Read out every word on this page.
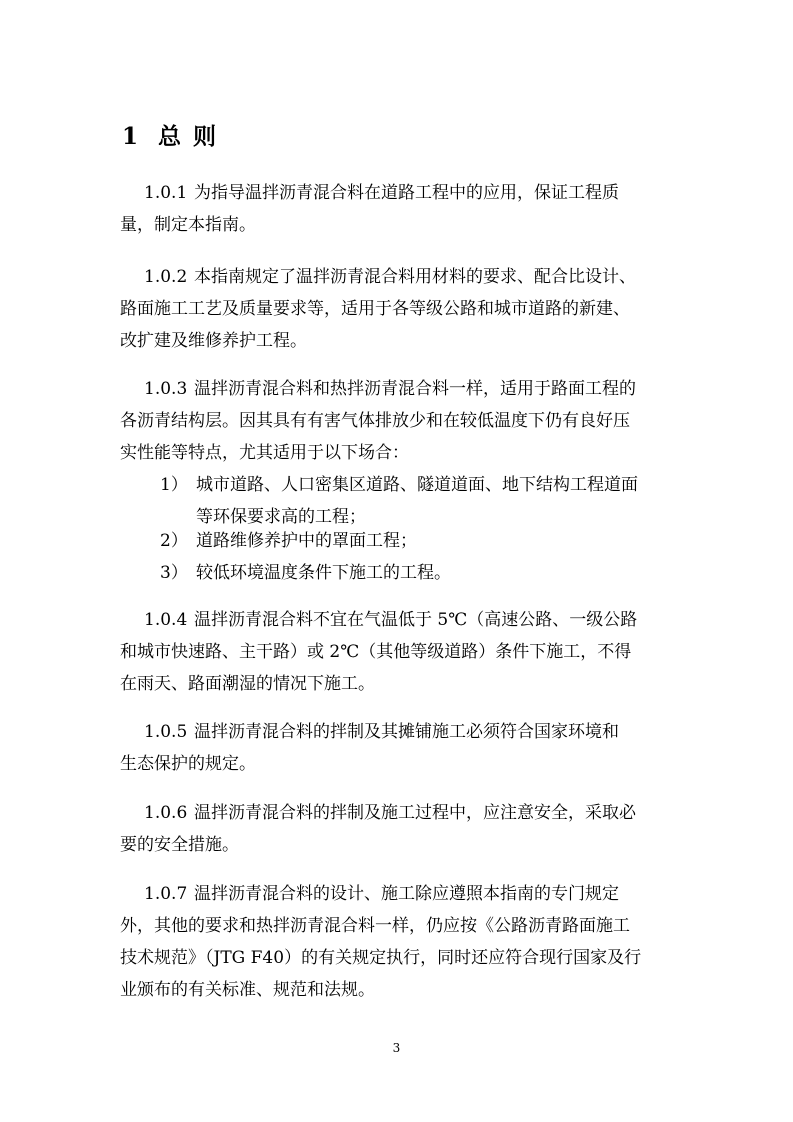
1 总 则
1.0.1 为指导温拌沥青混合料在道路工程中的应用，保证工程质
量，制定本指南。
1.0.2 本指南规定了温拌沥青混合料用材料的要求、配合比设计、
路面施工工艺及质量要求等，适用于各等级公路和城市道路的新建、
改扩建及维修养护工程。
1.0.3 温拌沥青混合料和热拌沥青混合料一样，适用于路面工程的
各沥青结构层。因其具有有害气体排放少和在较低温度下仍有良好压
实性能等特点，尤其适用于以下场合：
1） 城市道路、人口密集区道路、隧道道面、地下结构工程道面
等环保要求高的工程；
2） 道路维修养护中的罩面工程；
3） 较低环境温度条件下施工的工程。
1.0.4 温拌沥青混合料不宜在气温低于 5℃（高速公路、一级公路
和城市快速路、主干路）或 2℃（其他等级道路）条件下施工，不得
在雨天、路面潮湿的情况下施工。
1.0.5 温拌沥青混合料的拌制及其摊铺施工必须符合国家环境和
生态保护的规定。
1.0.6 温拌沥青混合料的拌制及施工过程中，应注意安全，采取必
要的安全措施。
1.0.7 温拌沥青混合料的设计、施工除应遵照本指南的专门规定
外，其他的要求和热拌沥青混合料一样，仍应按《公路沥青路面施工
技术规范》（JTG F40）的有关规定执行，同时还应符合现行国家及行
业颁布的有关标准、规范和法规。
3
